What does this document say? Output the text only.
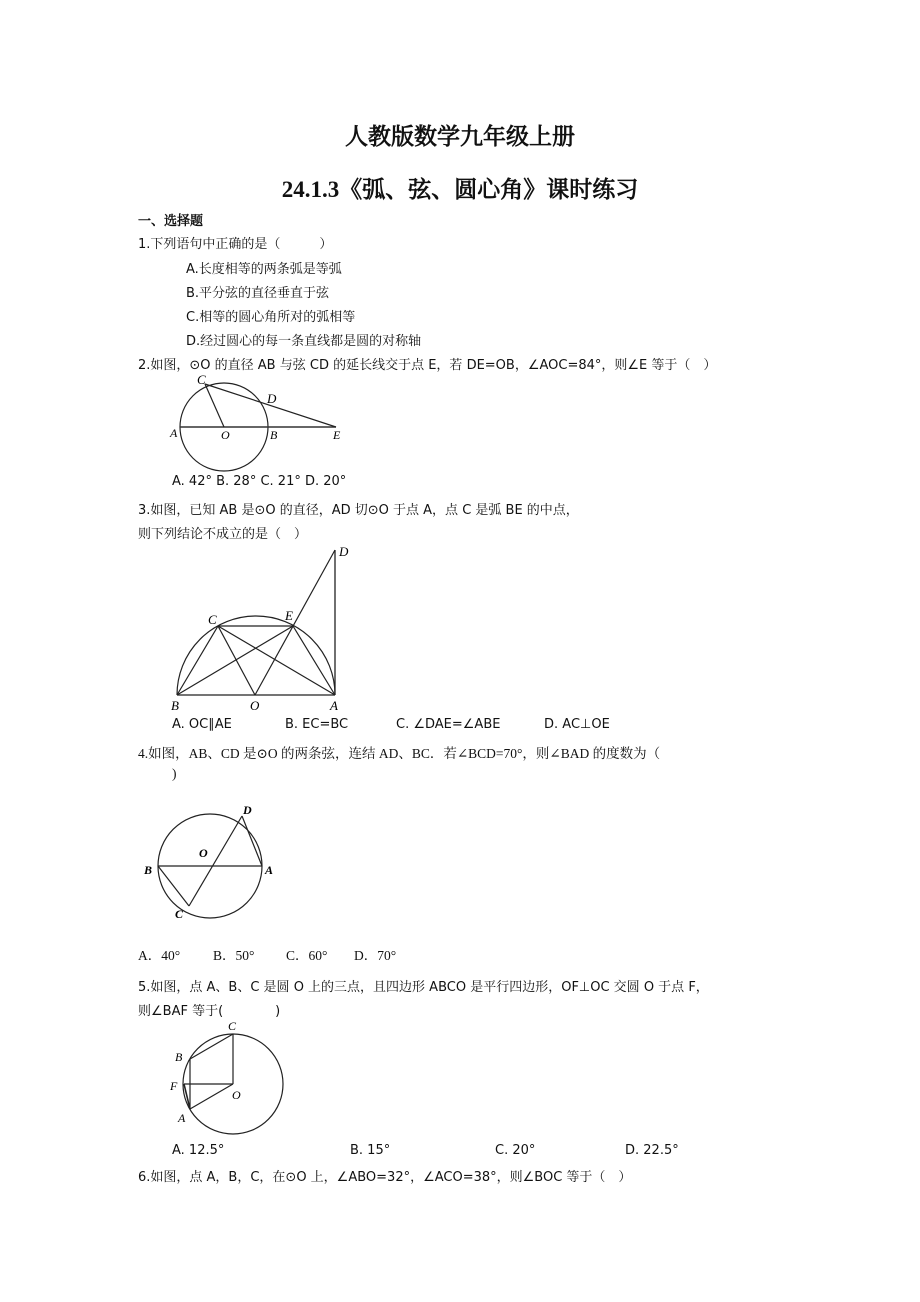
人教版数学九年级上册
24.1.3《弧、弦、圆心角》课时练习
一、选择题
1.下列语句中正确的是（　　　）
A.长度相等的两条弧是等弧
B.平分弦的直径垂直于弦
C.相等的圆心角所对的弧相等
D.经过圆心的每一条直线都是圆的对称轴
2.如图，⊙O 的直径 AB 与弦 CD 的延长线交于点 E，若 DE=OB，∠AOC=84°，则∠E 等于（　）
C
D
A	O	B	E
A. 42° B. 28° C. 21° D. 20°
3.如图，已知 AB 是⊙O 的直径，AD 切⊙O 于点 A，点 C 是弧 BE 的中点，
则下列结论不成立的是（　）
D
C	E
B	O	A
A. OC∥AE	B. EC=BC	C. ∠DAE=∠ABE	D. AC⊥OE
4.如图，AB、CD 是⊙O 的两条弦，连结 AD、BC．若∠BCD=70°，则∠BAD 的度数为（
)
D
O
B	A
C
A．40° B．50° C．60° D．70°
5.如图，点 A、B、C 是圆 O 上的三点，且四边形 ABCO 是平行四边形，OF⊥OC 交圆 O 于点 F，
则∠BAF 等于(　　　　)
C
B
F
O
A
A. 12.5°	B. 15°	C. 20°	D. 22.5°
6.如图，点 A，B，C，在⊙O 上，∠ABO=32°，∠ACO=38°，则∠BOC 等于（　）
